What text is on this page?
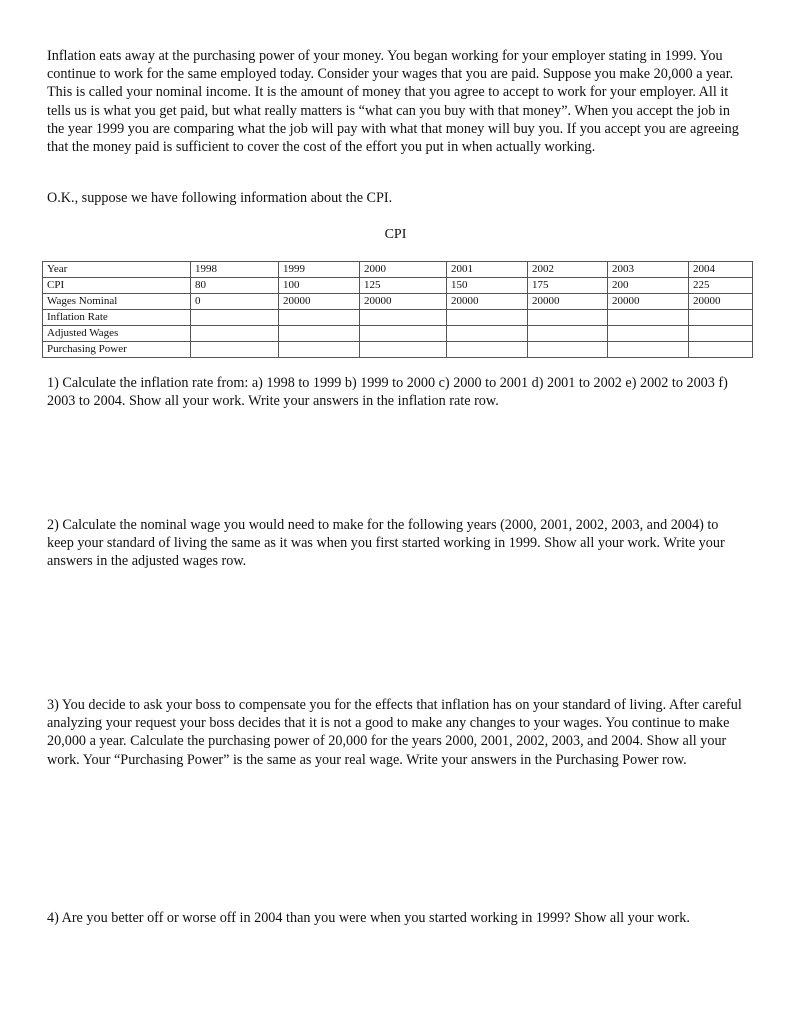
Inflation eats away at the purchasing power of your money. You began working for your employer stating in 1999. You continue to work for the same employed today. Consider your wages that you are paid. Suppose you make 20,000 a year. This is called your nominal income. It is the amount of money that you agree to accept to work for your employer. All it tells us is what you get paid, but what really matters is “what can you buy with that money”. When you accept the job in the year 1999 you are comparing what the job will pay with what that money will buy you. If you accept you are agreeing that the money paid is sufficient to cover the cost of the effort you put in when actually working.

O.K., suppose we have following information about the CPI.

CPI

Year	1998	1999	2000	2001	2002	2003	2004
CPI	80	100	125	150	175	200	225
Wages Nominal	0	20000	20000	20000	20000	20000	20000
Inflation Rate							
Adjusted Wages							
Purchasing Power							

1) Calculate the inflation rate from: a) 1998 to 1999 b) 1999 to 2000 c) 2000 to 2001 d) 2001 to 2002 e) 2002 to 2003 f) 2003 to 2004. Show all your work. Write your answers in the inflation rate row.

2) Calculate the nominal wage you would need to make for the following years (2000, 2001, 2002, 2003, and 2004) to keep your standard of living the same as it was when you first started working in 1999. Show all your work. Write your answers in the adjusted wages row.

3) You decide to ask your boss to compensate you for the effects that inflation has on your standard of living. After careful analyzing your request your boss decides that it is not a good to make any changes to your wages. You continue to make 20,000 a year. Calculate the purchasing power of 20,000 for the years 2000, 2001, 2002, 2003, and 2004. Show all your work. Your “Purchasing Power” is the same as your real wage. Write your answers in the Purchasing Power row.

4) Are you better off or worse off in 2004 than you were when you started working in 1999? Show all your work.
